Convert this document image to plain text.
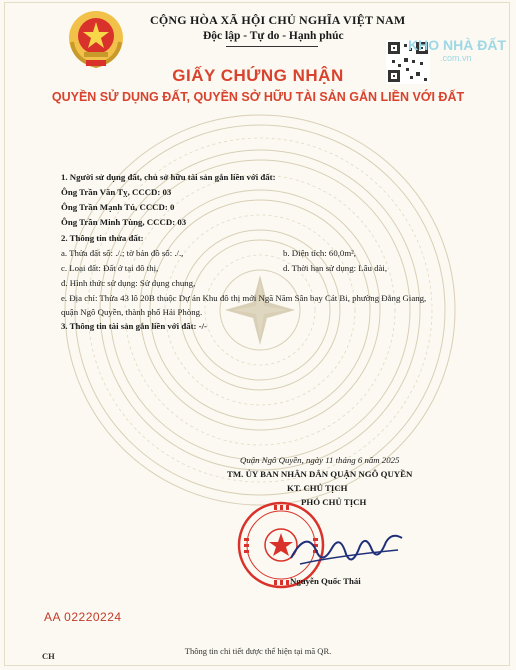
CỘNG HÒA XÃ HỘI CHỦ NGHĨA VIỆT NAM
Độc lập - Tự do - Hạnh phúc
KHO NHÀ ĐẤT
.com.vn
GIẤY CHỨNG NHẬN
QUYỀN SỬ DỤNG ĐẤT, QUYỀN SỞ HỮU TÀI SẢN GẮN LIỀN VỚI ĐẤT
1. Người sử dụng đất, chủ sở hữu tài sản gắn liền với đất:
Ông Trần Văn Tỵ, CCCD: 03
Ông Trần Mạnh Tú, CCCD: 0
Ông Trần Minh Tùng, CCCD: 03
2. Thông tin thửa đất:
a. Thửa đất số: ./.; tờ bản đồ số: ./.,	b. Diện tích: 60,0m²,
c. Loại đất: Đất ở tại đô thị,	d. Thời hạn sử dụng: Lâu dài,
đ. Hình thức sử dụng: Sử dụng chung,
e. Địa chỉ: Thửa 43 lô 20B thuộc Dự án Khu đô thị mới Ngã Năm Sân bay Cát Bi, phường Đằng Giang,
quận Ngô Quyền, thành phố Hải Phòng.
3. Thông tin tài sản gắn liền với đất: -/-
Quận Ngô Quyền, ngày 11 tháng 6 năm 2025
TM. ỦY BAN NHÂN DÂN QUẬN NGÔ QUYỀN
KT. CHỦ TỊCH
PHÓ CHỦ TỊCH
Nguyễn Quốc Thái
AA 02220224
CH	Thông tin chi tiết được thể hiện tại mã QR.
